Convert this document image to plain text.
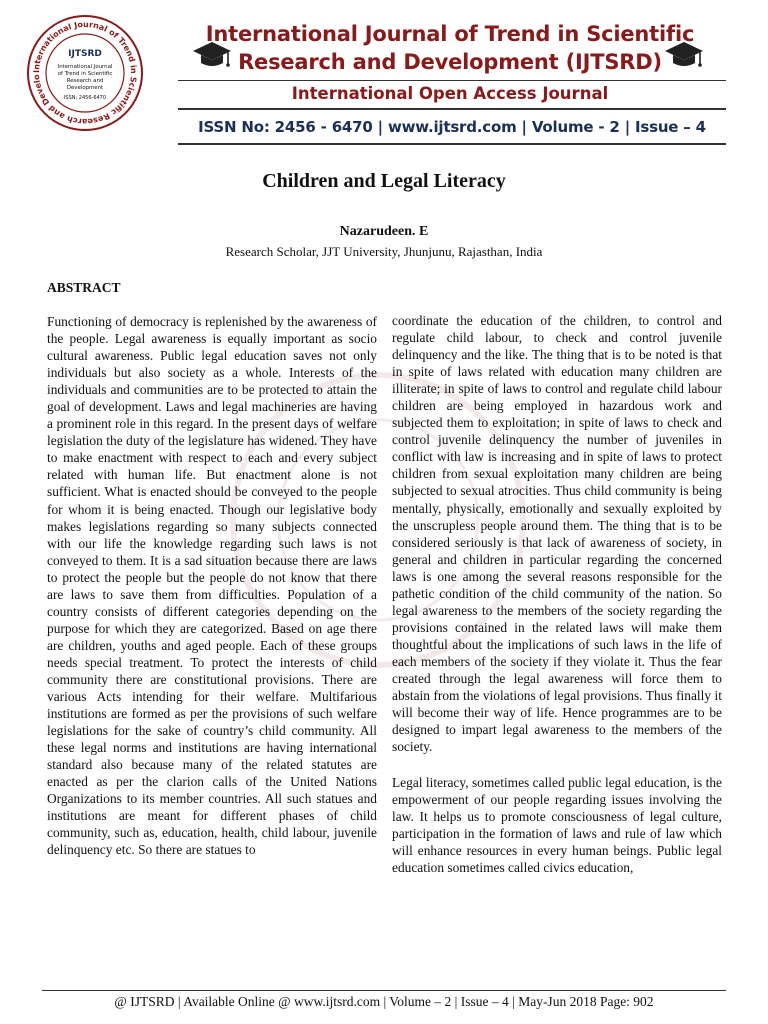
International Journal of Trend in Scientific Research and Develo
IJTSRD
International Journal
of Trend in Scientific
Research and
Development
ISSN: 2456-6470
International Journal of Trend in Scientific
Research and Development (IJTSRD)
International Open Access Journal
ISSN No: 2456 - 6470 | www.ijtsrd.com | Volume - 2 | Issue – 4
Children and Legal Literacy
Nazarudeen. E
Research Scholar, JJT University, Jhunjunu, Rajasthan, India
ABSTRACT

Functioning of democracy is replenished by the awareness of the people. Legal awareness is equally important as socio cultural awareness. Public legal education saves not only individuals but also society as a whole. Interests of the individuals and communities are to be protected to attain the goal of development. Laws and legal machineries are having a prominent role in this regard. In the present days of welfare legislation the duty of the legislature has widened. They have to make enactment with respect to each and every subject related with human life. But enactment alone is not sufficient. What is enacted should be conveyed to the people for whom it is being enacted. Though our legislative body makes legislations regarding so many subjects connected with our life the knowledge regarding such laws is not conveyed to them. It is a sad situation because there are laws to protect the people but the people do not know that there are laws to save them from difficulties. Population of a country consists of different categories depending on the purpose for which they are categorized. Based on age there are children, youths and aged people. Each of these groups needs special treatment. To protect the interests of child community there are constitutional provisions. There are various Acts intending for their welfare. Multifarious institutions are formed as per the provisions of such welfare legislations for the sake of country’s child community. All these legal norms and institutions are having international standard also because many of the related statutes are enacted as per the clarion calls of the United Nations Organizations to its member countries. All such statues and institutions are meant for different phases of child community, such as, education, health, child labour, juvenile delinquency etc. So there are statues to

coordinate the education of the children, to control and regulate child labour, to check and control juvenile delinquency and the like. The thing that is to be noted is that in spite of laws related with education many children are illiterate; in spite of laws to control and regulate child labour children are being employed in hazardous work and subjected them to exploitation; in spite of laws to check and control juvenile delinquency the number of juveniles in conflict with law is increasing and in spite of laws to protect children from sexual exploitation many children are being subjected to sexual atrocities. Thus child community is being mentally, physically, emotionally and sexually exploited by the unscrupless people around them. The thing that is to be considered seriously is that lack of awareness of society, in general and children in particular regarding the concerned laws is one among the several reasons responsible for the pathetic condition of the child community of the nation. So legal awareness to the members of the society regarding the provisions contained in the related laws will make them thoughtful about the implications of such laws in the life of each members of the society if they violate it. Thus the fear created through the legal awareness will force them to abstain from the violations of legal provisions. Thus finally it will become their way of life. Hence programmes are to be designed to impart legal awareness to the members of the society.

Legal literacy, sometimes called public legal education, is the empowerment of our people regarding issues involving the law. It helps us to promote consciousness of legal culture, participation in the formation of laws and rule of law which will enhance resources in every human beings. Public legal education sometimes called civics education,

@ IJTSRD | Available Online @ www.ijtsrd.com | Volume – 2 | Issue – 4 | May-Jun 2018 Page: 902
